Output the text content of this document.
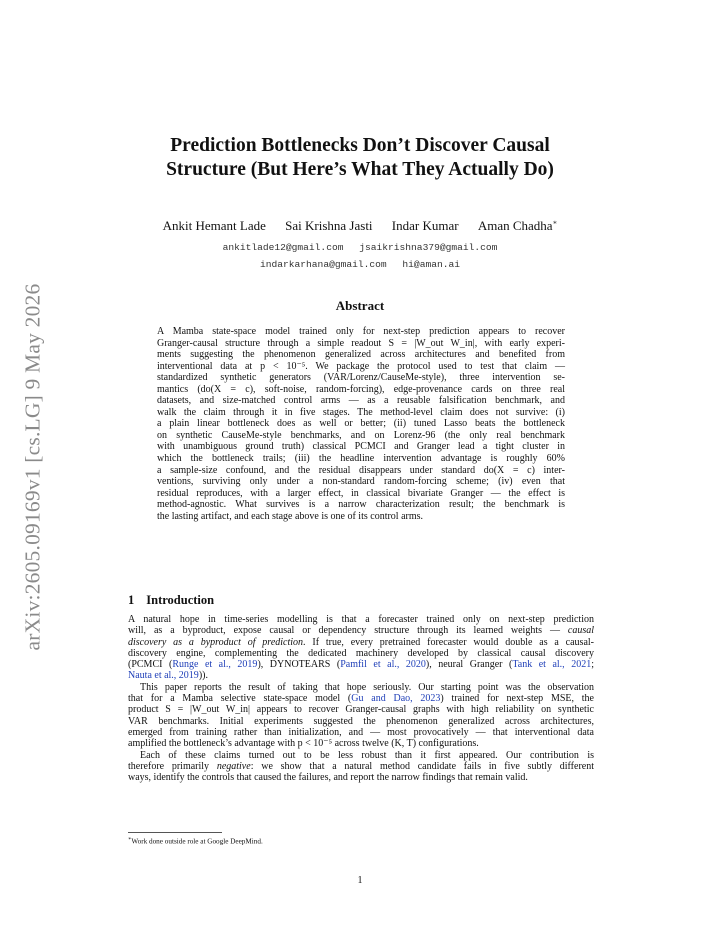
arXiv:2605.09169v1 [cs.LG] 9 May 2026
Prediction Bottlenecks Don’t Discover Causal
Structure (But Here’s What They Actually Do)
Ankit Hemant Lade Sai Krishna Jasti Indar Kumar Aman Chadha∗
ankitlade12@gmail.com jsaikrishna379@gmail.com
indarkarhana@gmail.com hi@aman.ai
Abstract

A Mamba state-space model trained only for next-step prediction appears to recover
Granger-causal structure through a simple readout S = |W_out W_in|, with early experi-
ments suggesting the phenomenon generalized across architectures and benefited from
interventional data at p < 10⁻⁵. We package the protocol used to test that claim —
standardized synthetic generators (VAR/Lorenz/CauseMe-style), three intervention se-
mantics (do(X = c), soft-noise, random-forcing), edge-provenance cards on three real
datasets, and size-matched control arms — as a reusable falsification benchmark, and
walk the claim through it in five stages. The method-level claim does not survive: (i)
a plain linear bottleneck does as well or better; (ii) tuned Lasso beats the bottleneck
on synthetic CauseMe-style benchmarks, and on Lorenz-96 (the only real benchmark
with unambiguous ground truth) classical PCMCI and Granger lead a tight cluster in
which the bottleneck trails; (iii) the headline intervention advantage is roughly 60%
a sample-size confound, and the residual disappears under standard do(X = c) inter-
ventions, surviving only under a non-standard random-forcing scheme; (iv) even that
residual reproduces, with a larger effect, in classical bivariate Granger — the effect is
method-agnostic. What survives is a narrow characterization result; the benchmark is
the lasting artifact, and each stage above is one of its control arms.

1 Introduction
A natural hope in time-series modelling is that a forecaster trained only on next-step prediction
will, as a byproduct, expose causal or dependency structure through its learned weights — causal
discovery as a byproduct of prediction. If true, every pretrained forecaster would double as a causal-
discovery engine, complementing the dedicated machinery developed by classical causal discovery
(PCMCI (Runge et al., 2019), DYNOTEARS (Pamfil et al., 2020), neural Granger (Tank et al., 2021;
Nauta et al., 2019)).
This paper reports the result of taking that hope seriously. Our starting point was the observation
that for a Mamba selective state-space model (Gu and Dao, 2023) trained for next-step MSE, the
product S = |W_out W_in| appears to recover Granger-causal graphs with high reliability on synthetic
VAR benchmarks. Initial experiments suggested the phenomenon generalized across architectures,
emerged from training rather than initialization, and — most provocatively — that interventional data
amplified the bottleneck’s advantage with p < 10⁻⁵ across twelve (K, T) configurations.
Each of these claims turned out to be less robust than it first appeared. Our contribution is
therefore primarily negative: we show that a natural method candidate fails in five subtly different
ways, identify the controls that caused the failures, and report the narrow findings that remain valid.
∗Work done outside role at Google DeepMind.
1
